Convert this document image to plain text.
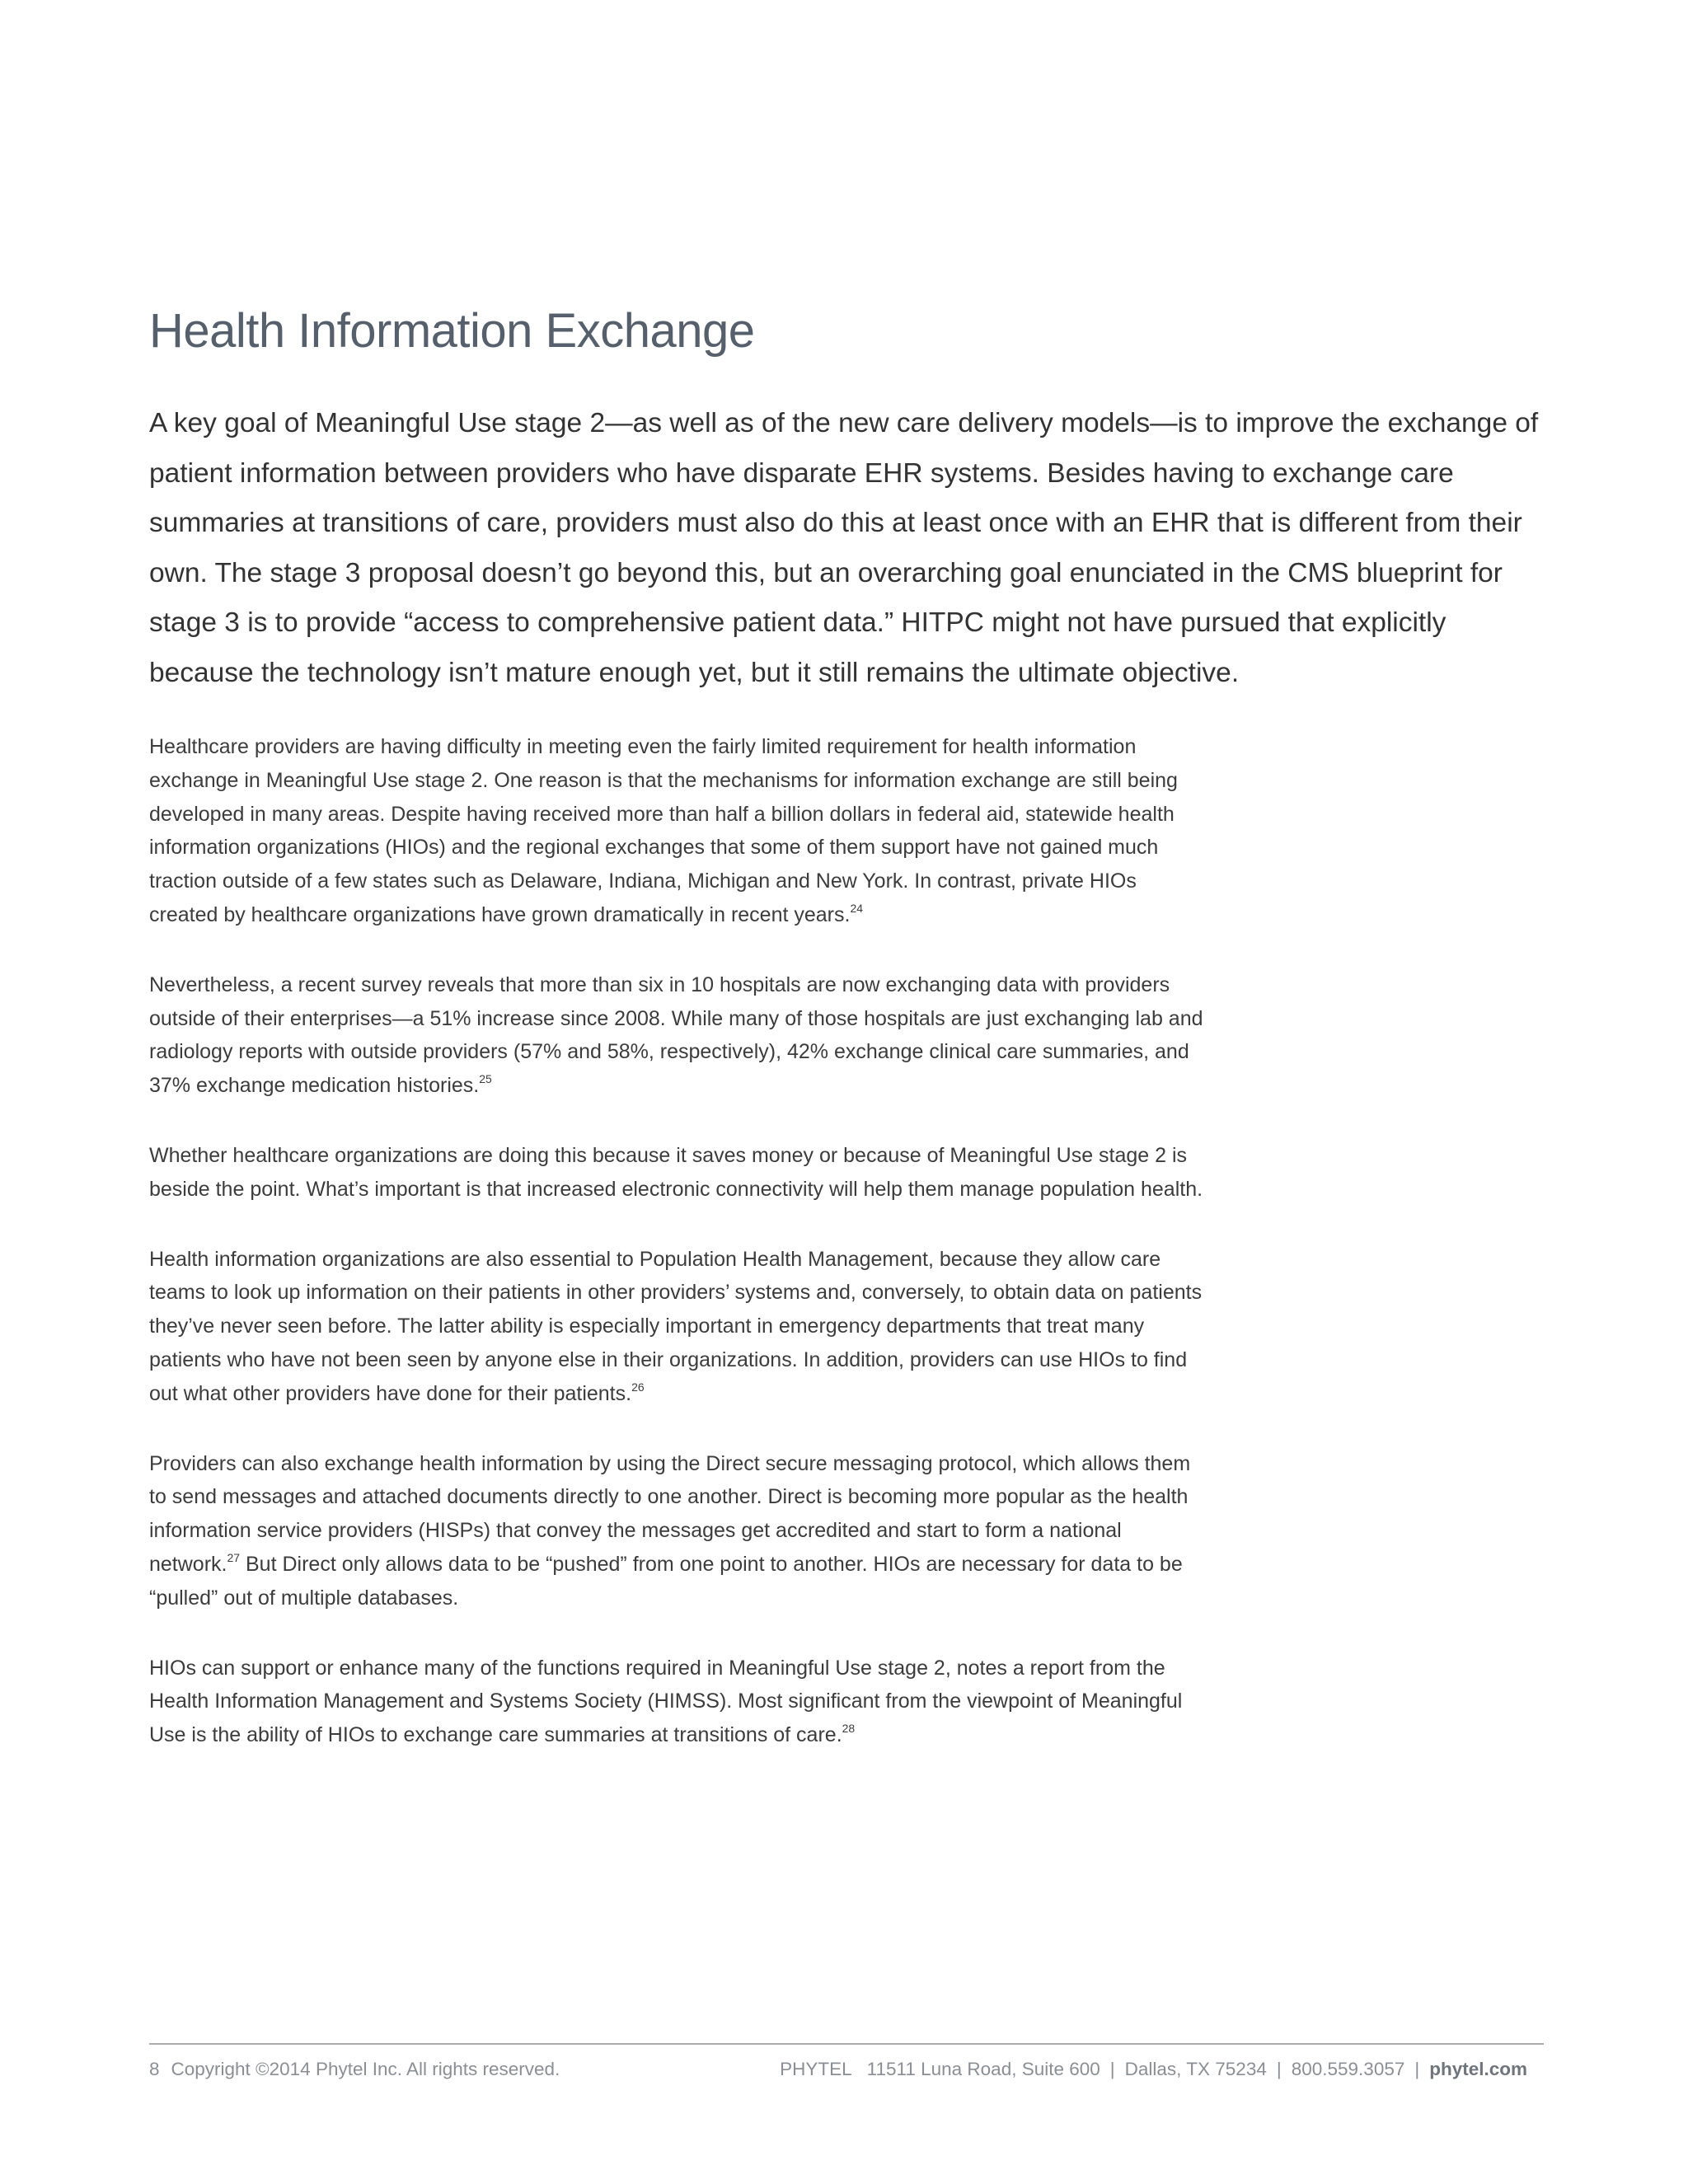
Health Information Exchange

A key goal of Meaningful Use stage 2—as well as of the new care delivery models—is to improve the exchange of patient information between providers who have disparate EHR systems. Besides having to exchange care summaries at transitions of care, providers must also do this at least once with an EHR that is different from their own. The stage 3 proposal doesn’t go beyond this, but an overarching goal enunciated in the CMS blueprint for stage 3 is to provide “access to comprehensive patient data.” HITPC might not have pursued that explicitly because the technology isn’t mature enough yet, but it still remains the ultimate objective.

Healthcare providers are having difficulty in meeting even the fairly limited requirement for health information exchange in Meaningful Use stage 2. One reason is that the mechanisms for information exchange are still being developed in many areas. Despite having received more than half a billion dollars in federal aid, statewide health information organizations (HIOs) and the regional exchanges that some of them support have not gained much traction outside of a few states such as Delaware, Indiana, Michigan and New York. In contrast, private HIOs created by healthcare organizations have grown dramatically in recent years.$^{24}$

Nevertheless, a recent survey reveals that more than six in 10 hospitals are now exchanging data with providers outside of their enterprises—a 51% increase since 2008. While many of those hospitals are just exchanging lab and radiology reports with outside providers (57% and 58%, respectively), 42% exchange clinical care summaries, and 37% exchange medication histories.$^{25}$

Whether healthcare organizations are doing this because it saves money or because of Meaningful Use stage 2 is beside the point. What’s important is that increased electronic connectivity will help them manage population health.

Health information organizations are also essential to Population Health Management, because they allow care teams to look up information on their patients in other providers’ systems and, conversely, to obtain data on patients they’ve never seen before. The latter ability is especially important in emergency departments that treat many patients who have not been seen by anyone else in their organizations. In addition, providers can use HIOs to find out what other providers have done for their patients.$^{26}$

Providers can also exchange health information by using the Direct secure messaging protocol, which allows them to send messages and attached documents directly to one another. Direct is becoming more popular as the health information service providers (HISPs) that convey the messages get accredited and start to form a national network.$^{27}$ But Direct only allows data to be “pushed” from one point to another. HIOs are necessary for data to be “pulled” out of multiple databases.

HIOs can support or enhance many of the functions required in Meaningful Use stage 2, notes a report from the Health Information Management and Systems Society (HIMSS). Most significant from the viewpoint of Meaningful Use is the ability of HIOs to exchange care summaries at transitions of care.$^{28}$

8 Copyright ©2014 Phytel Inc. All rights reserved.	PHYTEL 11511 Luna Road, Suite 600 | Dallas, TX 75234 | 800.559.3057 | phytel.com
